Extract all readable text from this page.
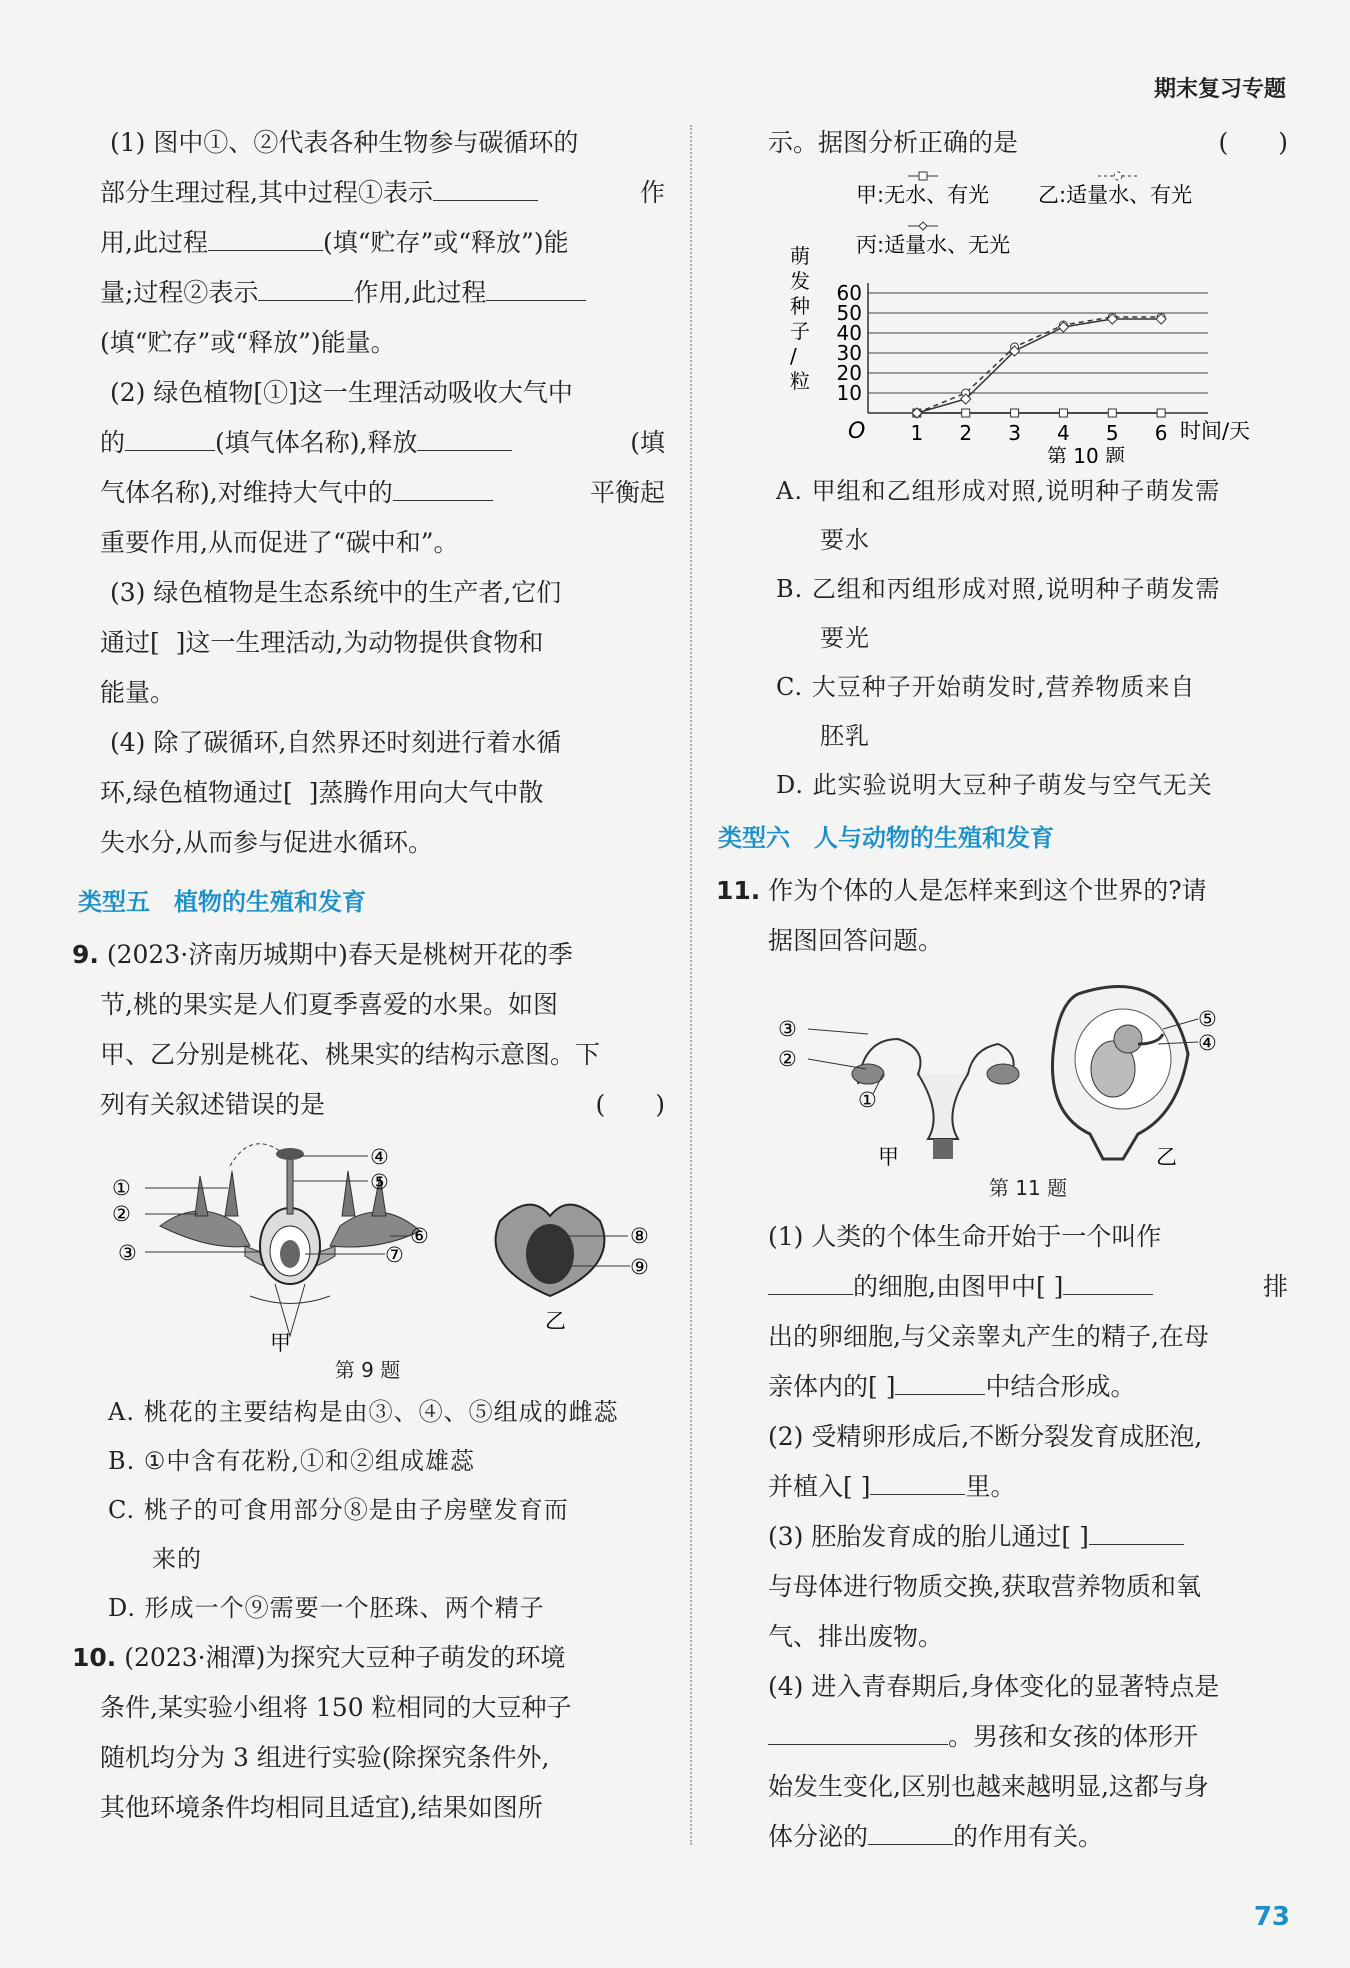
期末复习专题

(1) 图中①、②代表各种生物参与碳循环的

部分生理过程,其中过程①表示	作

用,此过程	(填“贮存”或“释放”)能

量;过程②表示	作用,此过程

(填“贮存”或“释放”)能量。

(2) 绿色植物[①]这一生理活动吸收大气中

的	(填气体名称),释放	(填

气体名称),对维持大气中的	平衡起

重要作用,从而促进了“碳中和”。

(3) 绿色植物是生态系统中的生产者,它们

通过[ ]这一生理活动,为动物提供食物和

能量。

(4) 除了碳循环,自然界还时刻进行着水循

环,绿色植物通过[ ]蒸腾作用向大气中散

失水分,从而参与促进水循环。

类型五　植物的生殖和发育

9. (2023·济南历城期中)春天是桃树开花的季

节,桃的果实是人们夏季喜爱的水果。如图

甲、乙分别是桃花、桃果实的结构示意图。下

列有关叙述错误的是	(　　)

①
②
③
④
⑤
⑥
⑦
甲
⑧
⑨
乙
第 9 题

A. 桃花的主要结构是由③、④、⑤组成的雌蕊

B. ①中含有花粉,①和②组成雄蕊

C. 桃子的可食用部分⑧是由子房壁发育而
来的

D. 形成一个⑨需要一个胚珠、两个精子

10. (2023·湘潭)为探究大豆种子萌发的环境

条件,某实验小组将 150 粒相同的大豆种子

随机均分为 3 组进行实验(除探究条件外,

其他环境条件均相同且适宜),结果如图所

示。据图分析正确的是	(　　)

10
20
30
40
50
60
1 2 3 4 5 6
第 10 题
O	时间/天
萌发种子/粒
甲:无水、有光 乙:适量水、有光
丙:适量水、无光

A. 甲组和乙组形成对照,说明种子萌发需
要水

B. 乙组和丙组形成对照,说明种子萌发需
要光

C. 大豆种子开始萌发时,营养物质来自
胚乳

D. 此实验说明大豆种子萌发与空气无关

类型六　人与动物的生殖和发育

11. 作为个体的人是怎样来到这个世界的?请

据图回答问题。

③
②
①
甲
⑤
④
乙
第 11 题

(1) 人类的个体生命开始于一个叫作

的细胞,由图甲中[ ]	排

出的卵细胞,与父亲睾丸产生的精子,在母

亲体内的[ ]	中结合形成。

(2) 受精卵形成后,不断分裂发育成胚泡,

并植入[ ]	里。

(3) 胚胎发育成的胎儿通过[ ]

与母体进行物质交换,获取营养物质和氧

气、排出废物。

(4) 进入青春期后,身体变化的显著特点是

。男孩和女孩的体形开

始发生变化,区别也越来越明显,这都与身

体分泌的	的作用有关。

73
